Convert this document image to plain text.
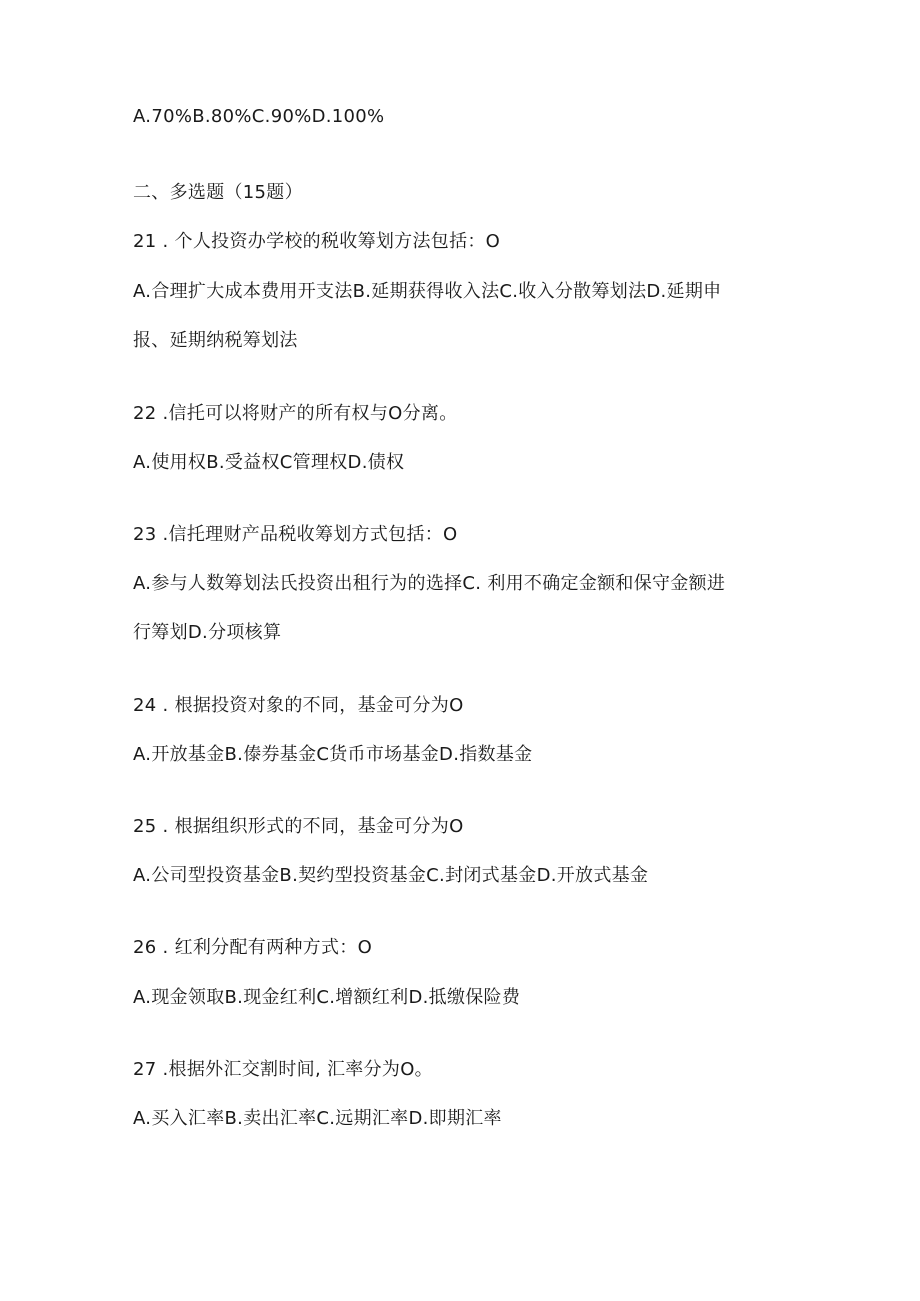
A.70%B.80%C.90%D.100%
二、多选题（15题）
21 . 个人投资办学校的税收筹划方法包括：O
A.合理扩大成本费用开支法B.延期获得收入法C.收入分散筹划法D.延期申
报、延期纳税筹划法
22 .信托可以将财产的所有权与O分离。
A.使用权B.受益权C管理权D.债权
23 .信托理财产品税收筹划方式包括：O
A.参与人数筹划法氏投资出租行为的选择C. 利用不确定金额和保守金额进
行筹划D.分项核算
24 . 根据投资对象的不同，基金可分为O
A.开放基金B.傣券基金C货币市场基金D.指数基金
25 . 根据组织形式的不同，基金可分为O
A.公司型投资基金B.契约型投资基金C.封闭式基金D.开放式基金
26 . 红利分配有两种方式：O
A.现金领取B.现金红利C.增额红利D.抵缴保险费
27 .根据外汇交割时间, 汇率分为O。
A.买入汇率B.卖出汇率C.远期汇率D.即期汇率
